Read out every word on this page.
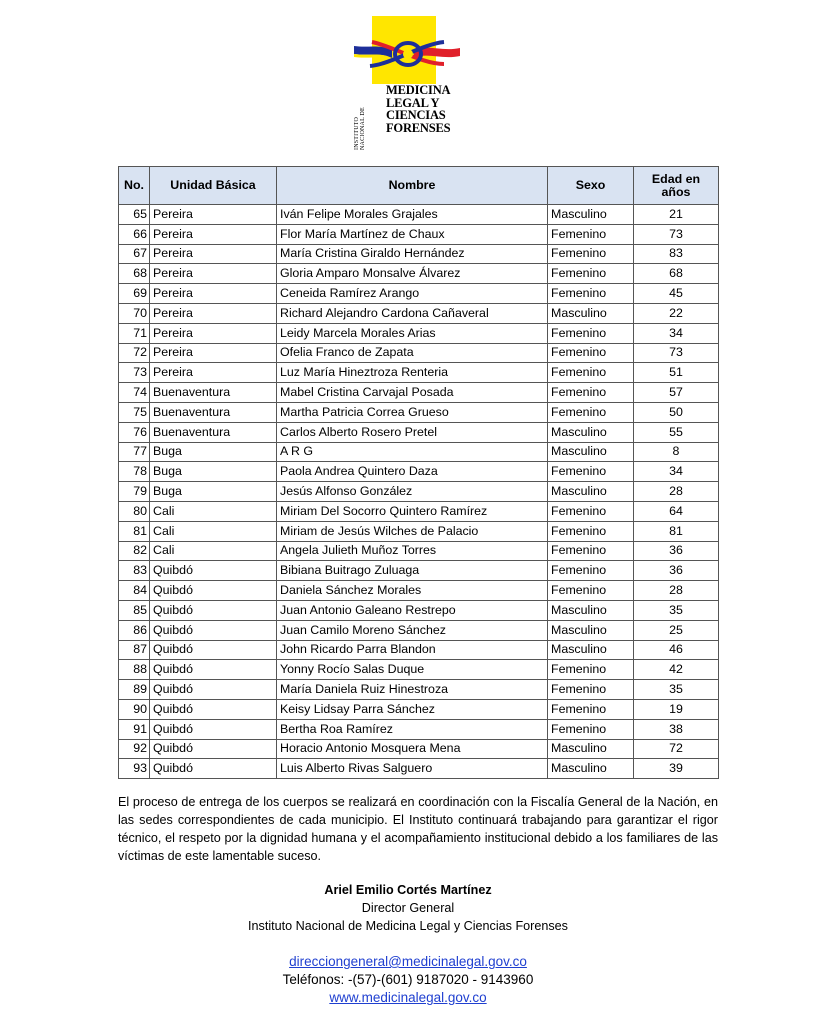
INSTITUTO NACIONAL DE
MEDICINA
LEGAL Y
CIENCIAS
FORENSES
No.	Unidad Básica	Nombre	Sexo	Edad en
años

65	Pereira	Iván Felipe Morales Grajales	Masculino	21
66	Pereira	Flor María Martínez de Chaux	Femenino	73
67	Pereira	María Cristina Giraldo Hernández	Femenino	83
68	Pereira	Gloria Amparo Monsalve Álvarez	Femenino	68
69	Pereira	Ceneida Ramírez Arango	Femenino	45
70	Pereira	Richard Alejandro Cardona Cañaveral	Masculino	22
71	Pereira	Leidy Marcela Morales Arias	Femenino	34
72	Pereira	Ofelia Franco de Zapata	Femenino	73
73	Pereira	Luz María Hineztroza Renteria	Femenino	51
74	Buenaventura	Mabel Cristina Carvajal Posada	Femenino	57
75	Buenaventura	Martha Patricia Correa Grueso	Femenino	50
76	Buenaventura	Carlos Alberto Rosero Pretel	Masculino	55
77	Buga	A R G	Masculino	8
78	Buga	Paola Andrea Quintero Daza	Femenino	34
79	Buga	Jesús Alfonso González	Masculino	28
80	Cali	Miriam Del Socorro Quintero Ramírez	Femenino	64
81	Cali	Miriam de Jesús Wilches de Palacio	Femenino	81
82	Cali	Angela Julieth Muñoz Torres	Femenino	36
83	Quibdó	Bibiana Buitrago Zuluaga	Femenino	36
84	Quibdó	Daniela Sánchez Morales	Femenino	28
85	Quibdó	Juan Antonio Galeano Restrepo	Masculino	35
86	Quibdó	Juan Camilo Moreno Sánchez	Masculino	25
87	Quibdó	John Ricardo Parra Blandon	Masculino	46
88	Quibdó	Yonny Rocío Salas Duque	Femenino	42
89	Quibdó	María Daniela Ruiz Hinestroza	Femenino	35
90	Quibdó	Keisy Lidsay Parra Sánchez	Femenino	19
91	Quibdó	Bertha Roa Ramírez	Femenino	38
92	Quibdó	Horacio Antonio Mosquera Mena	Masculino	72
93	Quibdó	Luis Alberto Rivas Salguero	Masculino	39
El proceso de entrega de los cuerpos se realizará en coordinación con la Fiscalía General de la Nación, en las sedes correspondientes de cada municipio. El Instituto continuará trabajando para garantizar el rigor técnico, el respeto por la dignidad humana y el acompañamiento institucional debido a los familiares de las víctimas de este lamentable suceso.
Ariel Emilio Cortés Martínez
Director General
Instituto Nacional de Medicina Legal y Ciencias Forenses
direcciongeneral@medicinalegal.gov.co
Teléfonos: -(57)-(601) 9187020 - 9143960
www.medicinalegal.gov.co
